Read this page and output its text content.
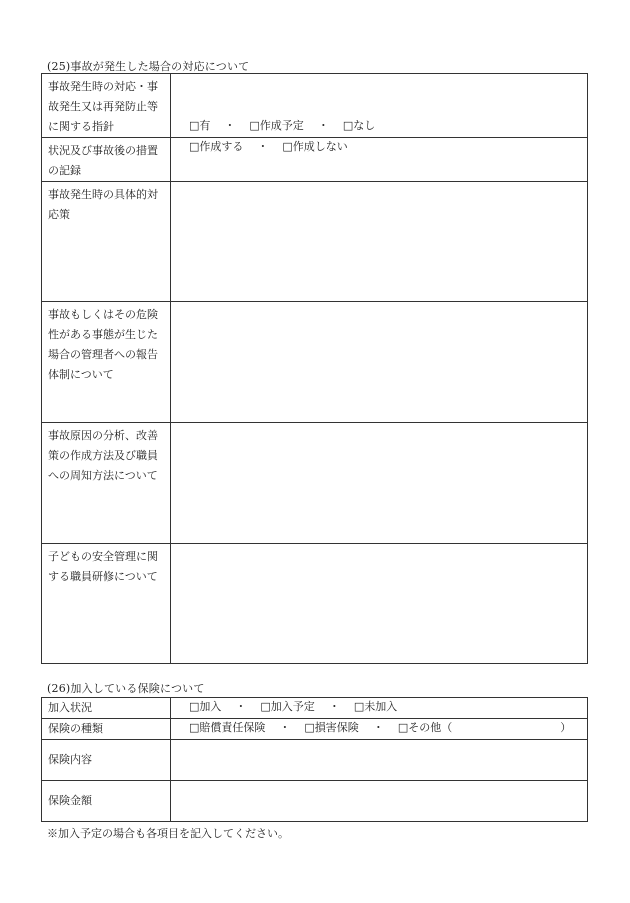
(25)事故が発生した場合の対応について
事故発生時の対応・事故発生又は再発防止等に関する指針	□有 ・ □作成予定 ・ □なし
状況及び事故後の措置の記録	□作成する ・ □作成しない
事故発生時の具体的対応策	
事故もしくはその危険性がある事態が生じた場合の管理者への報告体制について	
事故原因の分析、改善策の作成方法及び職員への周知方法について	
子どもの安全管理に関する職員研修について	
(26)加入している保険について
加入状況	□加入 ・ □加入予定 ・ □未加入
保険の種類	□賠償責任保険 ・ □損害保険 ・ □その他（ ）
保険内容	
保険金額	
※加入予定の場合も各項目を記入してください。
